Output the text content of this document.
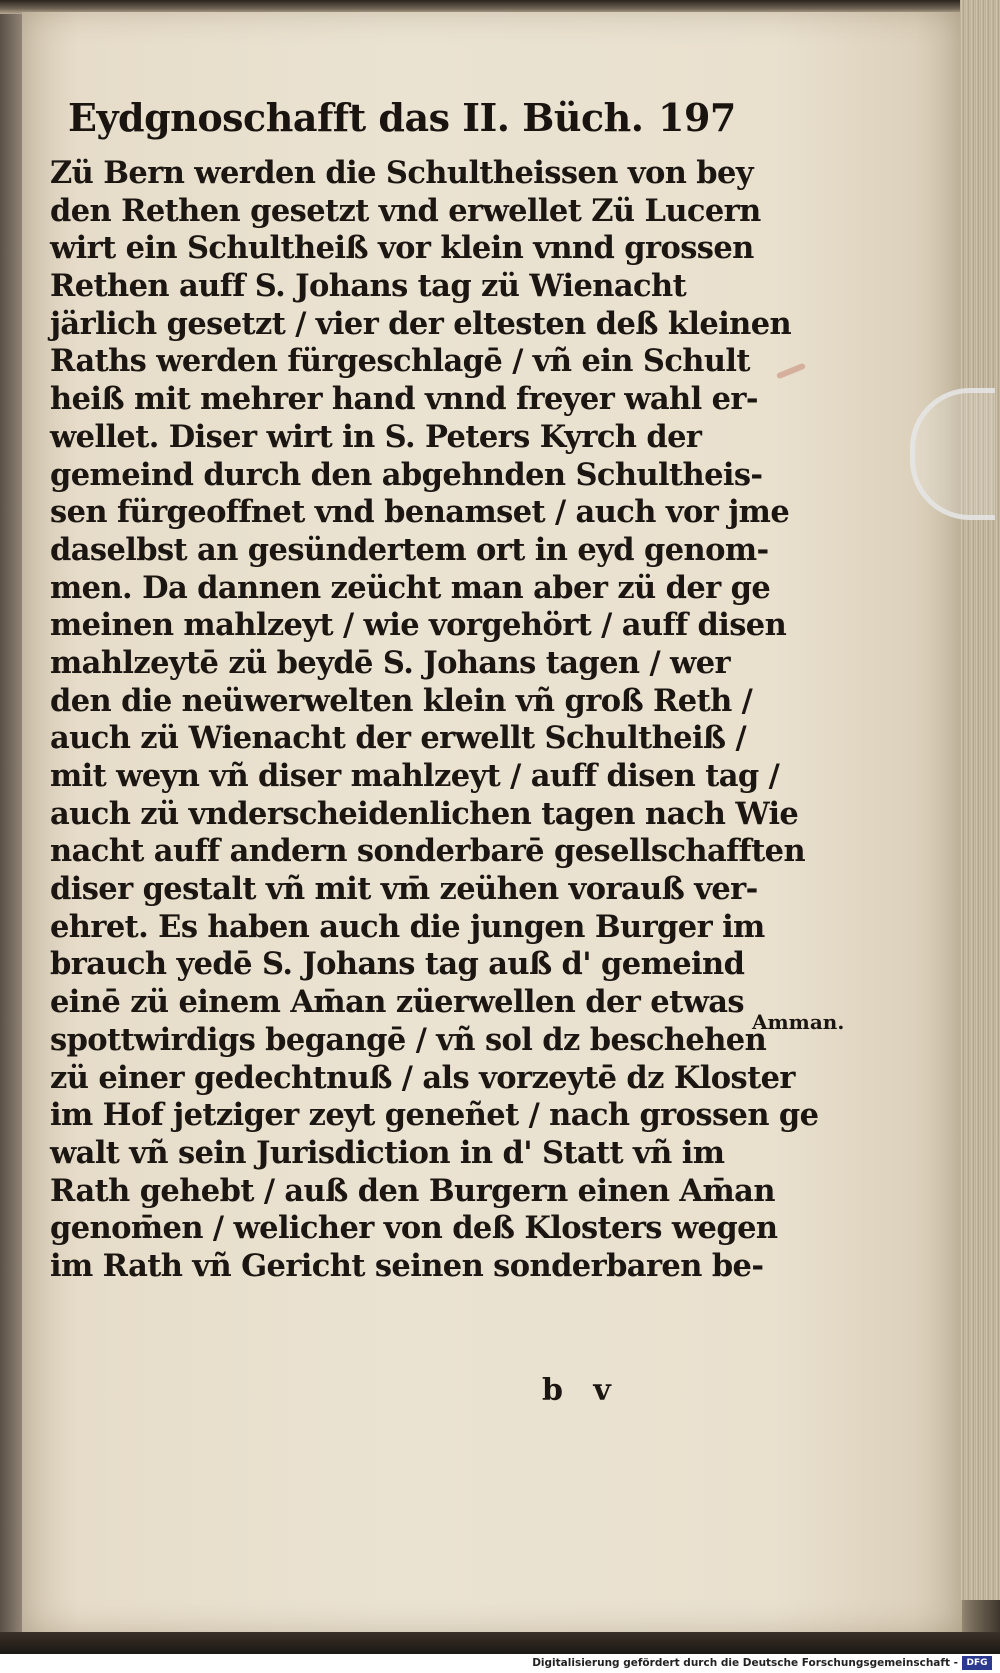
Eydgnoschafft das II. Büch. 197
Zü Bern werden die Schultheissen von bey
den Rethen gesetzt vnd erwellet Zü Lucern
wirt ein Schultheiß vor klein vnnd grossen
Rethen auff S. Johans tag zü Wienacht
järlich gesetzt / vier der eltesten deß kleinen
Raths werden fürgeschlagē / vñ ein Schult
heiß mit mehrer hand vnnd freyer wahl er-
wellet. Diser wirt in S. Peters Kyrch der
gemeind durch den abgehnden Schultheis-
sen fürgeoffnet vnd benamset / auch vor jme
daselbst an gesündertem ort in eyd genom-
men. Da dannen zeücht man aber zü der ge
meinen mahlzeyt / wie vorgehört / auff disen
mahlzeytē zü beydē S. Johans tagen / wer
den die neüwerwelten klein vñ groß Reth /
auch zü Wienacht der erwellt Schultheiß /
mit weyn vñ diser mahlzeyt / auff disen tag /
auch zü vnderscheidenlichen tagen nach Wie
nacht auff andern sonderbarē gesellschafften
diser gestalt vñ mit vm̄ zeühen vorauß ver-
ehret. Es haben auch die jungen Burger im
brauch yedē S. Johans tag auß d' gemeind
einē zü einem Am̄an züerwellen der etwas
spottwirdigs begangē / vñ sol dz beschehen
zü einer gedechtnuß / als vorzeytē dz Kloster
im Hof jetziger zeyt geneñet / nach grossen ge
walt vñ sein Jurisdiction in d' Statt vñ im
Rath gehebt / auß den Burgern einen Am̄an
genom̄en / welicher von deß Klosters wegen
im Rath vñ Gericht seinen sonderbaren be-
Amman.
b v
Digitalisierung gefördert durch die Deutsche Forschungsgemeinschaft - DFG
